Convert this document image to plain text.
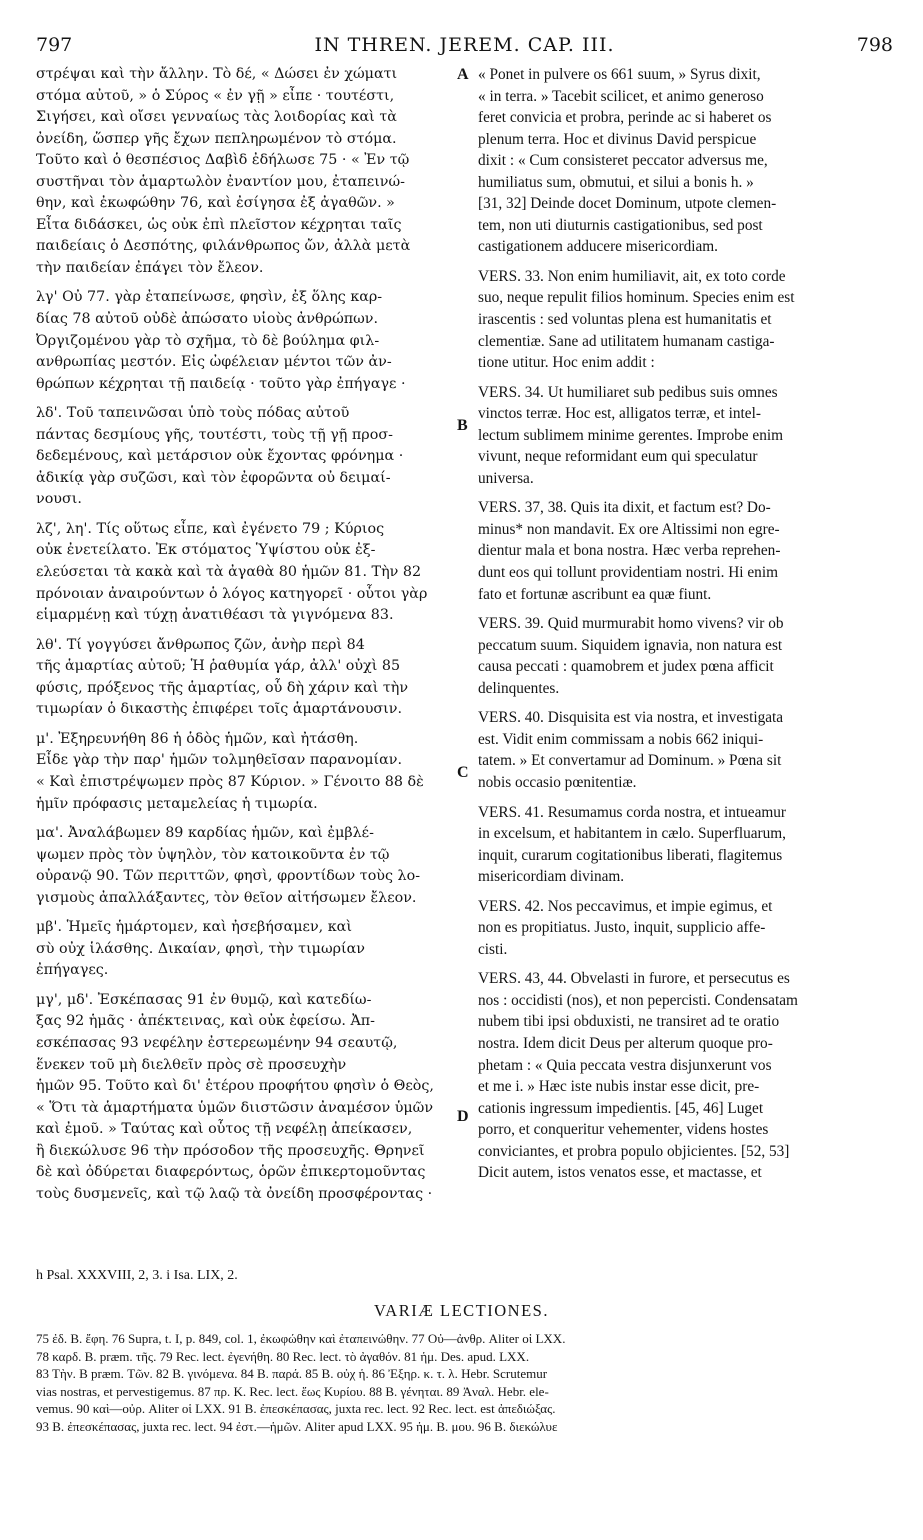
797	IN THREN. JEREM. CAP. III.	798

στρέψαι καὶ τὴν ἄλλην. Τὸ δέ, « Δώσει ἐν χώματι

στόμα αὐτοῦ, » ὁ Σύρος « ἐν γῇ » εἶπε · τουτέστι,

Σιγήσει, καὶ οἴσει γενναίως τὰς λοιδορίας καὶ τὰ

ὀνείδη, ὥσπερ γῆς ἔχων πεπληρωμένον τὸ στόμα.

Τοῦτο καὶ ὁ θεσπέσιος Δαβὶδ ἐδήλωσε 75 · « Ἐν τῷ

συστῆναι τὸν ἁμαρτωλὸν ἐναντίον μου, ἐταπεινώ-

θην, καὶ ἐκωφώθην 76, καὶ ἐσίγησα ἐξ ἀγαθῶν. »

Εἶτα διδάσκει, ὡς οὐκ ἐπὶ πλεῖστον κέχρηται ταῖς

παιδείαις ὁ Δεσπότης, φιλάνθρωπος ὤν, ἀλλὰ μετὰ

τὴν παιδείαν ἐπάγει τὸν ἔλεον.

λγ' Οὐ 77. γὰρ ἐταπείνωσε, φησὶν, ἐξ ὅλης καρ-

δίας 78 αὐτοῦ οὐδὲ ἀπώσατο υἱοὺς ἀνθρώπων.

Ὀργιζομένου γὰρ τὸ σχῆμα, τὸ δὲ βούλημα φιλ-

ανθρωπίας μεστόν. Εἰς ὠφέλειαν μέντοι τῶν ἀν-

θρώπων κέχρηται τῇ παιδείᾳ · τοῦτο γὰρ ἐπήγαγε ·

λδ'. Τοῦ ταπεινῶσαι ὑπὸ τοὺς πόδας αὐτοῦ

πάντας δεσμίους γῆς, τουτέστι, τοὺς τῇ γῇ προσ-

δεδεμένους, καὶ μετάρσιον οὐκ ἔχοντας φρόνημα ·

ἀδικίᾳ γὰρ συζῶσι, καὶ τὸν ἐφορῶντα οὐ δειμαί-

νουσι.

λζ', λη'. Τίς οὕτως εἶπε, καὶ ἐγένετο 79 ; Κύριος

οὐκ ἐνετείλατο. Ἐκ στόματος Ὑψίστου οὐκ ἐξ-

ελεύσεται τὰ κακὰ καὶ τὰ ἀγαθὰ 80 ἡμῶν 81. Τὴν 82

πρόνοιαν ἀναιρούντων ὁ λόγος κατηγορεῖ · οὗτοι γὰρ

εἱμαρμένῃ καὶ τύχῃ ἀνατιθέασι τὰ γιγνόμενα 83.

λθ'. Τί γογγύσει ἄνθρωπος ζῶν, ἀνὴρ περὶ 84

τῆς ἁμαρτίας αὐτοῦ; Ἡ ῥαθυμία γάρ, ἀλλ' οὐχὶ 85

φύσις, πρόξενος τῆς ἁμαρτίας, οὗ δὴ χάριν καὶ τὴν

τιμωρίαν ὁ δικαστὴς ἐπιφέρει τοῖς ἁμαρτάνουσιν.

μ'. Ἐξηρευνήθη 86 ἡ ὁδὸς ἡμῶν, καὶ ἠτάσθη.

Εἶδε γὰρ τὴν παρ' ἡμῶν τολμηθεῖσαν παρανομίαν.

« Καὶ ἐπιστρέψωμεν πρὸς 87 Κύριον. » Γένοιτο 88 δὲ

ἡμῖν πρόφασις μεταμελείας ἡ τιμωρία.

μα'. Ἀναλάβωμεν 89 καρδίας ἡμῶν, καὶ ἐμβλέ-

ψωμεν πρὸς τὸν ὑψηλὸν, τὸν κατοικοῦντα ἐν τῷ

οὐρανῷ 90. Τῶν περιττῶν, φησὶ, φροντίδων τοὺς λο-

γισμοὺς ἀπαλλάξαντες, τὸν θεῖον αἰτήσωμεν ἔλεον.

μβ'. Ἡμεῖς ἡμάρτομεν, καὶ ἠσεβήσαμεν, καὶ

σὺ οὐχ ἱλάσθης. Δικαίαν, φησὶ, τὴν τιμωρίαν

ἐπήγαγες.

μγ', μδ'. Ἐσκέπασας 91 ἐν θυμῷ, καὶ κατεδίω-

ξας 92 ἡμᾶς · ἀπέκτεινας, καὶ οὐκ ἐφείσω. Ἀπ-

εσκέπασας 93 νεφέλην ἐστερεωμένην 94 σεαυτῷ,

ἕνεκεν τοῦ μὴ διελθεῖν πρὸς σὲ προσευχὴν

ἡμῶν 95. Τοῦτο καὶ δι' ἑτέρου προφήτου φησὶν ὁ Θεὸς,

« Ὅτι τὰ ἁμαρτήματα ὑμῶν διιστῶσιν ἀναμέσον ὑμῶν

καὶ ἐμοῦ. » Ταύτας καὶ οὗτος τῇ νεφέλῃ ἀπείκασεν,

ἢ διεκώλυσε 96 τὴν πρόσοδον τῆς προσευχῆς. Θρηνεῖ

δὲ καὶ ὀδύρεται διαφερόντως, ὁρῶν ἐπικερτομοῦντας

τοὺς δυσμενεῖς, καὶ τῷ λαῷ τὰ ὀνείδη προσφέροντας ·

« Ponet in pulvere os 661 suum, » Syrus dixit,

« in terra. » Tacebit scilicet, et animo generoso

feret convicia et probra, perinde ac si haberet os

plenum terra. Hoc et divinus David perspicue

dixit : « Cum consisteret peccator adversus me,

humiliatus sum, obmutui, et silui a bonis h. »

[31, 32] Deinde docet Dominum, utpote clemen-

tem, non uti diuturnis castigationibus, sed post

castigationem adducere misericordiam.

VERS. 33. Non enim humiliavit, ait, ex toto corde

suo, neque repulit filios hominum. Species enim est

irascentis : sed voluntas plena est humanitatis et

clementiæ. Sane ad utilitatem humanam castiga-

tione utitur. Hoc enim addit :

VERS. 34. Ut humiliaret sub pedibus suis omnes

vinctos terræ. Hoc est, alligatos terræ, et intel-

lectum sublimem minime gerentes. Improbe enim

vivunt, neque reformidant eum qui speculatur

universa.

VERS. 37, 38. Quis ita dixit, et factum est? Do-

minus* non mandavit. Ex ore Altissimi non egre-

dientur mala et bona nostra. Hæc verba reprehen-

dunt eos qui tollunt providentiam nostri. Hi enim

fato et fortunæ ascribunt ea quæ fiunt.

VERS. 39. Quid murmurabit homo vivens? vir ob

peccatum suum. Siquidem ignavia, non natura est

causa peccati : quamobrem et judex pœna afficit

delinquentes.

VERS. 40. Disquisita est via nostra, et investigata

est. Vidit enim commissam a nobis 662 iniqui-

tatem. » Et convertamur ad Dominum. » Pœna sit

nobis occasio pœnitentiæ.

VERS. 41. Resumamus corda nostra, et intueamur

in excelsum, et habitantem in cælo. Superfluarum,

inquit, curarum cogitationibus liberati, flagitemus

misericordiam divinam.

VERS. 42. Nos peccavimus, et impie egimus, et

non es propitiatus. Justo, inquit, supplicio affe-

cisti.

VERS. 43, 44. Obvelasti in furore, et persecutus es

nos : occidisti (nos), et non pepercisti. Condensatam

nubem tibi ipsi obduxisti, ne transiret ad te oratio

nostra. Idem dicit Deus per alterum quoque pro-

phetam : « Quia peccata vestra disjunxerunt vos

et me i. » Hæc iste nubis instar esse dicit, pre-

cationis ingressum impedientis. [45, 46] Luget

porro, et conqueritur vehementer, videns hostes

conviciantes, et probra populo objicientes. [52, 53]

Dicit autem, istos venatos esse, et mactasse, et

A
B
C
D
h Psal. XXXVIII, 2, 3. i Isa. LIX, 2.
VARIÆ LECTIONES.

75 ἐδ. B. ἔφη. 76 Supra, t. I, p. 849, col. 1, ἐκωφώθην καὶ ἐταπεινώθην. 77 Οὐ—ἀνθρ. Aliter οἱ LXX.

78 καρδ. B. præm. τῆς. 79 Rec. lect. ἐγενήθη. 80 Rec. lect. τὸ ἀγαθόν. 81 ἡμ. Des. apud. LXX.

83 Τὴν. B præm. Τῶν. 82 B. γινόμενα. 84 B. παρά. 85 B. οὐχ ἡ. 86 Ἐξηρ. κ. τ. λ. Hebr. Scrutemur

vias nostras, et pervestigemus. 87 πρ. K. Rec. lect. ἕως Κυρίου. 88 B. γένηται. 89 Ἀναλ. Hebr. ele-

vemus. 90 καὶ—οὐρ. Aliter οἱ LXX. 91 B. ἐπεσκέπασας, juxta rec. lect. 92 Rec. lect. est ἀπεδιώξας.

93 B. ἐπεσκέπασας, juxta rec. lect. 94 ἐστ.—ἡμῶν. Aliter apud LXX. 95 ἡμ. B. μου. 96 B. διεκώλυε
